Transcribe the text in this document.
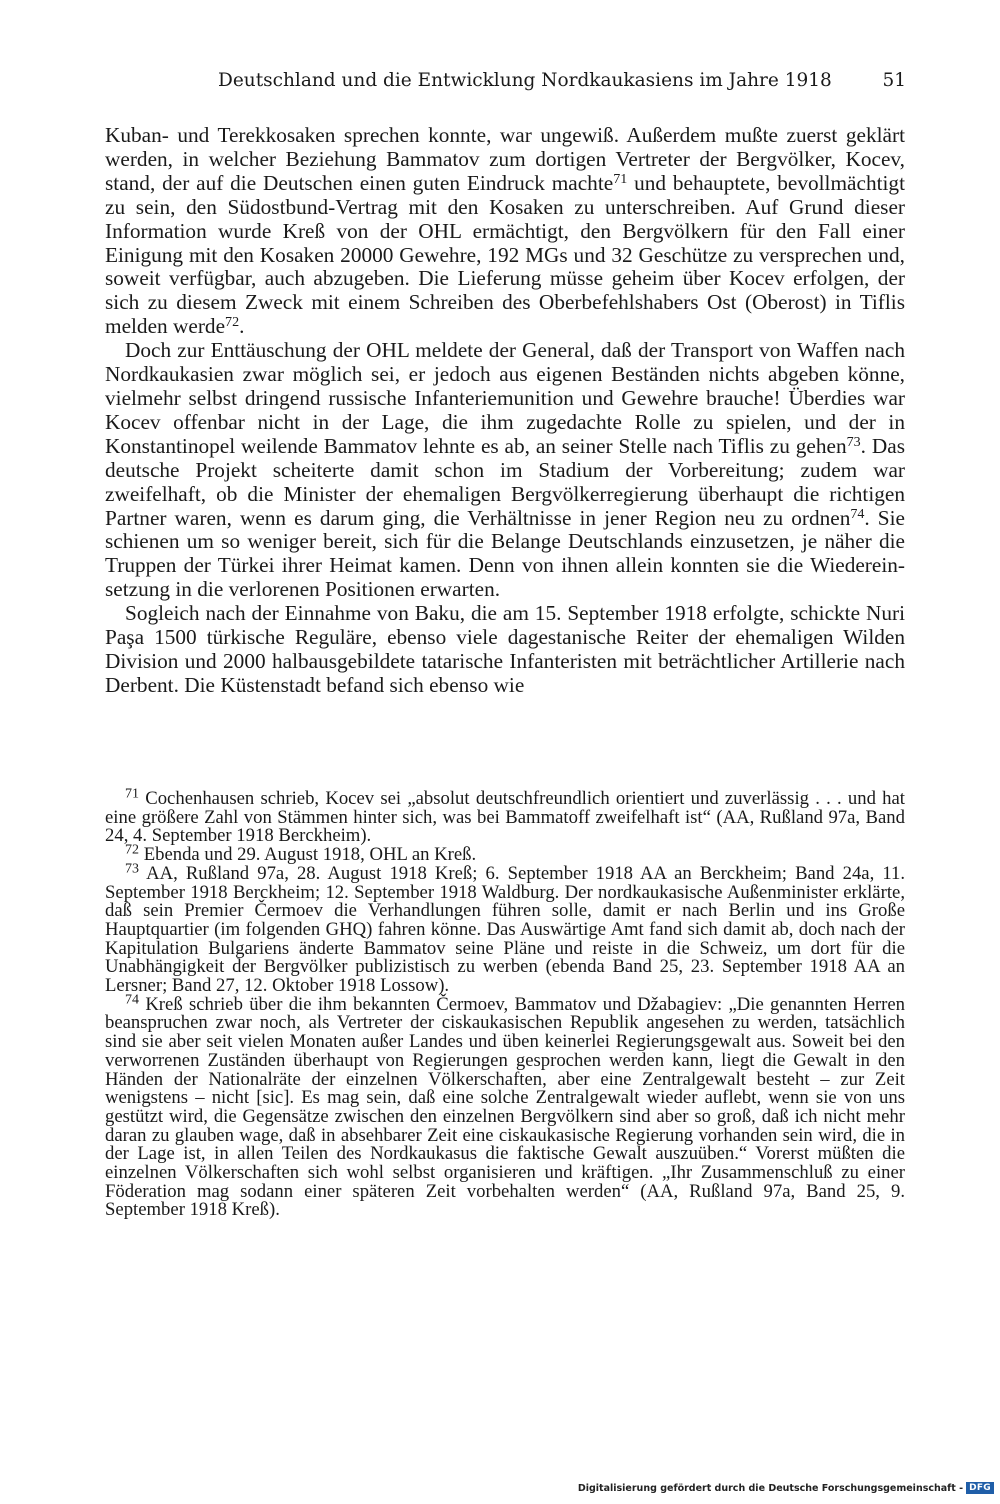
Deutschland und die Entwicklung Nordkaukasiens im Jahre 1918	51

Kuban- und Terekkosaken sprechen konnte, war ungewiß. Außerdem mußte zuerst geklärt werden, in welcher Beziehung Bammatov zum dortigen Vertreter der Bergvölker, Kocev, stand, der auf die Deutschen einen guten Eindruck machte$^{71}$ und behauptete, bevollmächtigt zu sein, den Südostbund-Vertrag mit den Kosaken zu unterschreiben. Auf Grund dieser Information wurde Kreß von der OHL ermächtigt, den Bergvölkern für den Fall einer Einigung mit den Kosaken 20000 Gewehre, 192 MGs und 32 Geschütze zu versprechen und, soweit verfügbar, auch abzugeben. Die Lieferung müsse geheim über Kocev erfolgen, der sich zu diesem Zweck mit einem Schreiben des Oberbefehlshabers Ost (Oberost) in Tiflis melden werde$^{72}$.

Doch zur Enttäuschung der OHL meldete der General, daß der Transport von Waffen nach Nordkaukasien zwar möglich sei, er jedoch aus eigenen Beständen nichts abgeben könne, vielmehr selbst dringend russische Infanteriemunition und Gewehre brauche! Überdies war Kocev offenbar nicht in der Lage, die ihm zugedachte Rolle zu spielen, und der in Konstantinopel weilende Bammatov lehnte es ab, an seiner Stelle nach Tiflis zu gehen$^{73}$. Das deutsche Projekt scheiterte damit schon im Stadium der Vorbereitung; zudem war zweifelhaft, ob die Minister der ehemaligen Bergvölkerregierung überhaupt die richtigen Partner waren, wenn es darum ging, die Verhältnisse in jener Region neu zu ordnen$^{74}$. Sie schienen um so weniger bereit, sich für die Belange Deutschlands einzusetzen, je näher die Truppen der Türkei ihrer Heimat kamen. Denn von ihnen allein konnten sie die Wiedereinsetzung in die verlorenen Positionen erwarten.

Sogleich nach der Einnahme von Baku, die am 15. September 1918 erfolgte, schickte Nuri Paşa 1500 türkische Reguläre, ebenso viele dagestanische Reiter der ehemaligen Wilden Division und 2000 halbausgebildete tatarische Infanteristen mit beträchtlicher Artillerie nach Derbent. Die Küstenstadt befand sich ebenso wie

$^{71}$ Cochenhausen schrieb, Kocev sei „absolut deutschfreundlich orientiert und zuverlässig . . . und hat eine größere Zahl von Stämmen hinter sich, was bei Bammatoff zweifelhaft ist“ (AA, Rußland 97a, Band 24, 4. September 1918 Berckheim).

$^{72}$ Ebenda und 29. August 1918, OHL an Kreß.

$^{73}$ AA, Rußland 97a, 28. August 1918 Kreß; 6. September 1918 AA an Berckheim; Band 24a, 11. September 1918 Berckheim; 12. September 1918 Waldburg. Der nordkaukasische Außenminister erklärte, daß sein Premier Čermoev die Verhandlungen führen solle, damit er nach Berlin und ins Große Hauptquartier (im folgenden GHQ) fahren könne. Das Auswärtige Amt fand sich damit ab, doch nach der Kapitulation Bulgariens änderte Bammatov seine Pläne und reiste in die Schweiz, um dort für die Unabhängigkeit der Bergvölker publizistisch zu werben (ebenda Band 25, 23. September 1918 AA an Lersner; Band 27, 12. Oktober 1918 Lossow).

$^{74}$ Kreß schrieb über die ihm bekannten Čermoev, Bammatov und Džabagiev: „Die genannten Herren beanspruchen zwar noch, als Vertreter der ciskaukasischen Republik angesehen zu werden, tatsächlich sind sie aber seit vielen Monaten außer Landes und üben keinerlei Regierungsgewalt aus. Soweit bei den verworrenen Zuständen überhaupt von Regierungen gesprochen werden kann, liegt die Gewalt in den Händen der Nationalräte der einzelnen Völkerschaften, aber eine Zentralgewalt besteht – zur Zeit wenigstens – nicht [sic]. Es mag sein, daß eine solche Zentralgewalt wieder auflebt, wenn sie von uns gestützt wird, die Gegensätze zwischen den einzelnen Bergvölkern sind aber so groß, daß ich nicht mehr daran zu glauben wage, daß in absehbarer Zeit eine ciskaukasische Regierung vorhanden sein wird, die in der Lage ist, in allen Teilen des Nordkaukasus die faktische Gewalt auszuüben.“ Vorerst müßten die einzelnen Völkerschaften sich wohl selbst organisieren und kräftigen. „Ihr Zusammenschluß zu einer Föderation mag sodann einer späteren Zeit vorbehalten werden“ (AA, Rußland 97a, Band 25, 9. September 1918 Kreß).

Digitalisierung gefördert durch die Deutsche Forschungsgemeinschaft - DFG
